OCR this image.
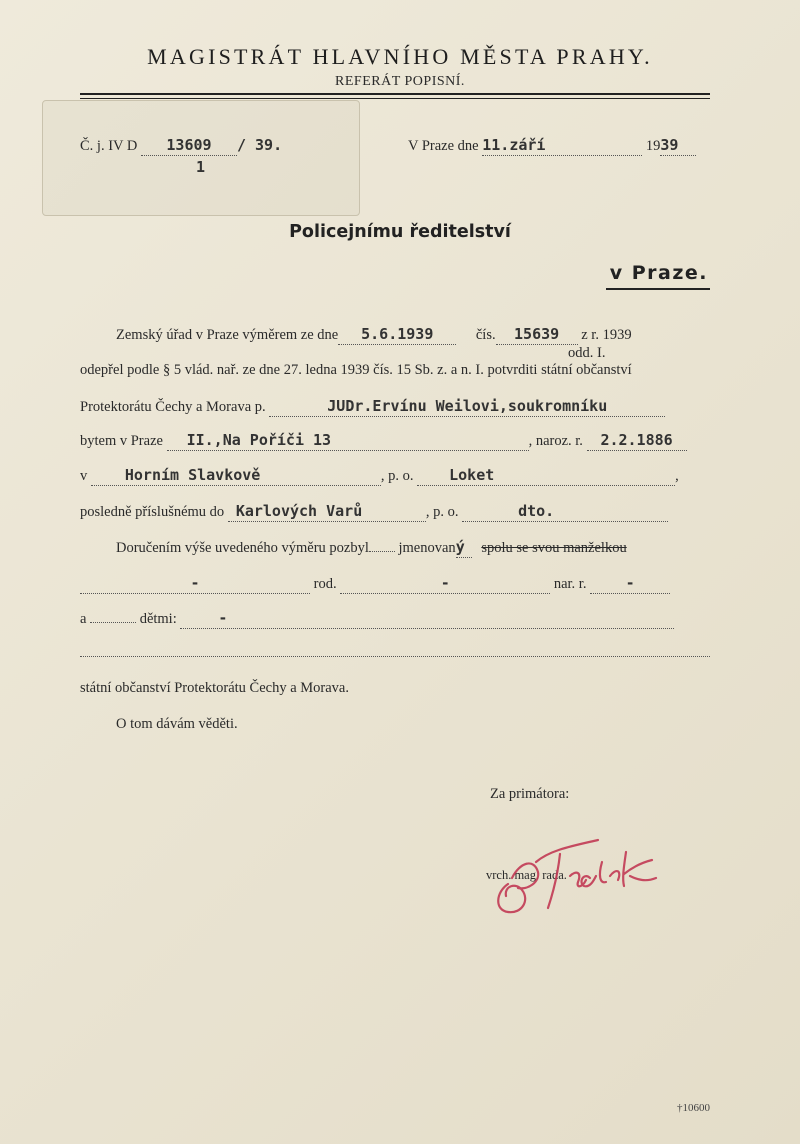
MAGISTRÁT HLAVNÍHO MĚSTA PRAHY.
REFERÁT POPISNÍ.
Č. j. IV D 13609 / 39.
1
V Praze dne 11.září	1939
Policejnímu ředitelství
v Praze.
Zemský úřad v Praze výměrem ze dne 5.6.1939	čís. 15639 z r. 1939
odd. I.
odepřel podle § 5 vlád. nař. ze dne 27. ledna 1939 čís. 15 Sb. z. a n. I. potvrditi státní občanství
Protektorátu Čechy a Morava p.	JUDr.Ervínu Weilovi,soukromníku
bytem v Praze II.,Na Poříči 13	, naroz. r. 2.2.1886
v	Horním Slavkově	, p. o. Loket	,
posledně příslušnému do Karlových Varů	, p. o.	dto.
Doručením výše uvedeného výměru pozbyl jmenovaný spolu se svou manželkou
-	rod.	-	nar. r.	-
a	dětmi:	-
státní občanství Protektorátu Čechy a Morava.
O tom dávám věděti.
Za primátora:
vrch. mag. rada.
†10600
